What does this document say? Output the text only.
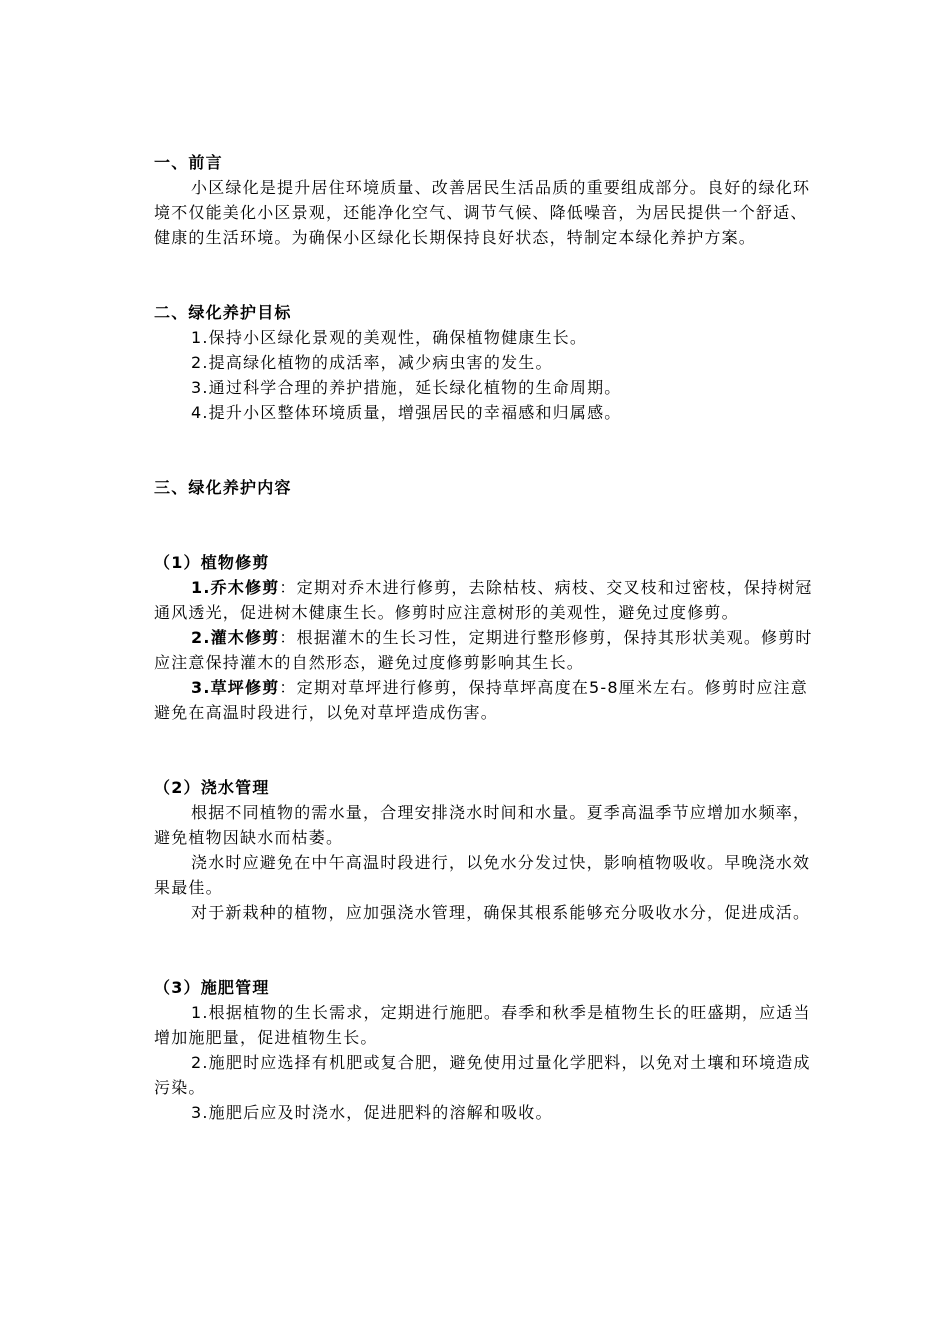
一、前言

小区绿化是提升居住环境质量、改善居民生活品质的重要组成部分。良好的绿化环境不仅能美化小区景观，还能净化空气、调节气候、降低噪音，为居民提供一个舒适、健康的生活环境。为确保小区绿化长期保持良好状态，特制定本绿化养护方案。

二、绿化养护目标

1.保持小区绿化景观的美观性，确保植物健康生长。

2.提高绿化植物的成活率，减少病虫害的发生。

3.通过科学合理的养护措施，延长绿化植物的生命周期。

4.提升小区整体环境质量，增强居民的幸福感和归属感。

三、绿化养护内容

（1）植物修剪

1.乔木修剪：定期对乔木进行修剪，去除枯枝、病枝、交叉枝和过密枝，保持树冠通风透光，促进树木健康生长。修剪时应注意树形的美观性，避免过度修剪。

2.灌木修剪：根据灌木的生长习性，定期进行整形修剪，保持其形状美观。修剪时应注意保持灌木的自然形态，避免过度修剪影响其生长。

3.草坪修剪：定期对草坪进行修剪，保持草坪高度在5-8厘米左右。修剪时应注意避免在高温时段进行，以免对草坪造成伤害。

（2）浇水管理

根据不同植物的需水量，合理安排浇水时间和水量。夏季高温季节应增加水频率，避免植物因缺水而枯萎。

浇水时应避免在中午高温时段进行，以免水分发过快，影响植物吸收。早晚浇水效果最佳。

对于新栽种的植物，应加强浇水管理，确保其根系能够充分吸收水分，促进成活。

（3）施肥管理

1.根据植物的生长需求，定期进行施肥。春季和秋季是植物生长的旺盛期，应适当增加施肥量，促进植物生长。

2.施肥时应选择有机肥或复合肥，避免使用过量化学肥料，以免对土壤和环境造成污染。

3.施肥后应及时浇水，促进肥料的溶解和吸收。
